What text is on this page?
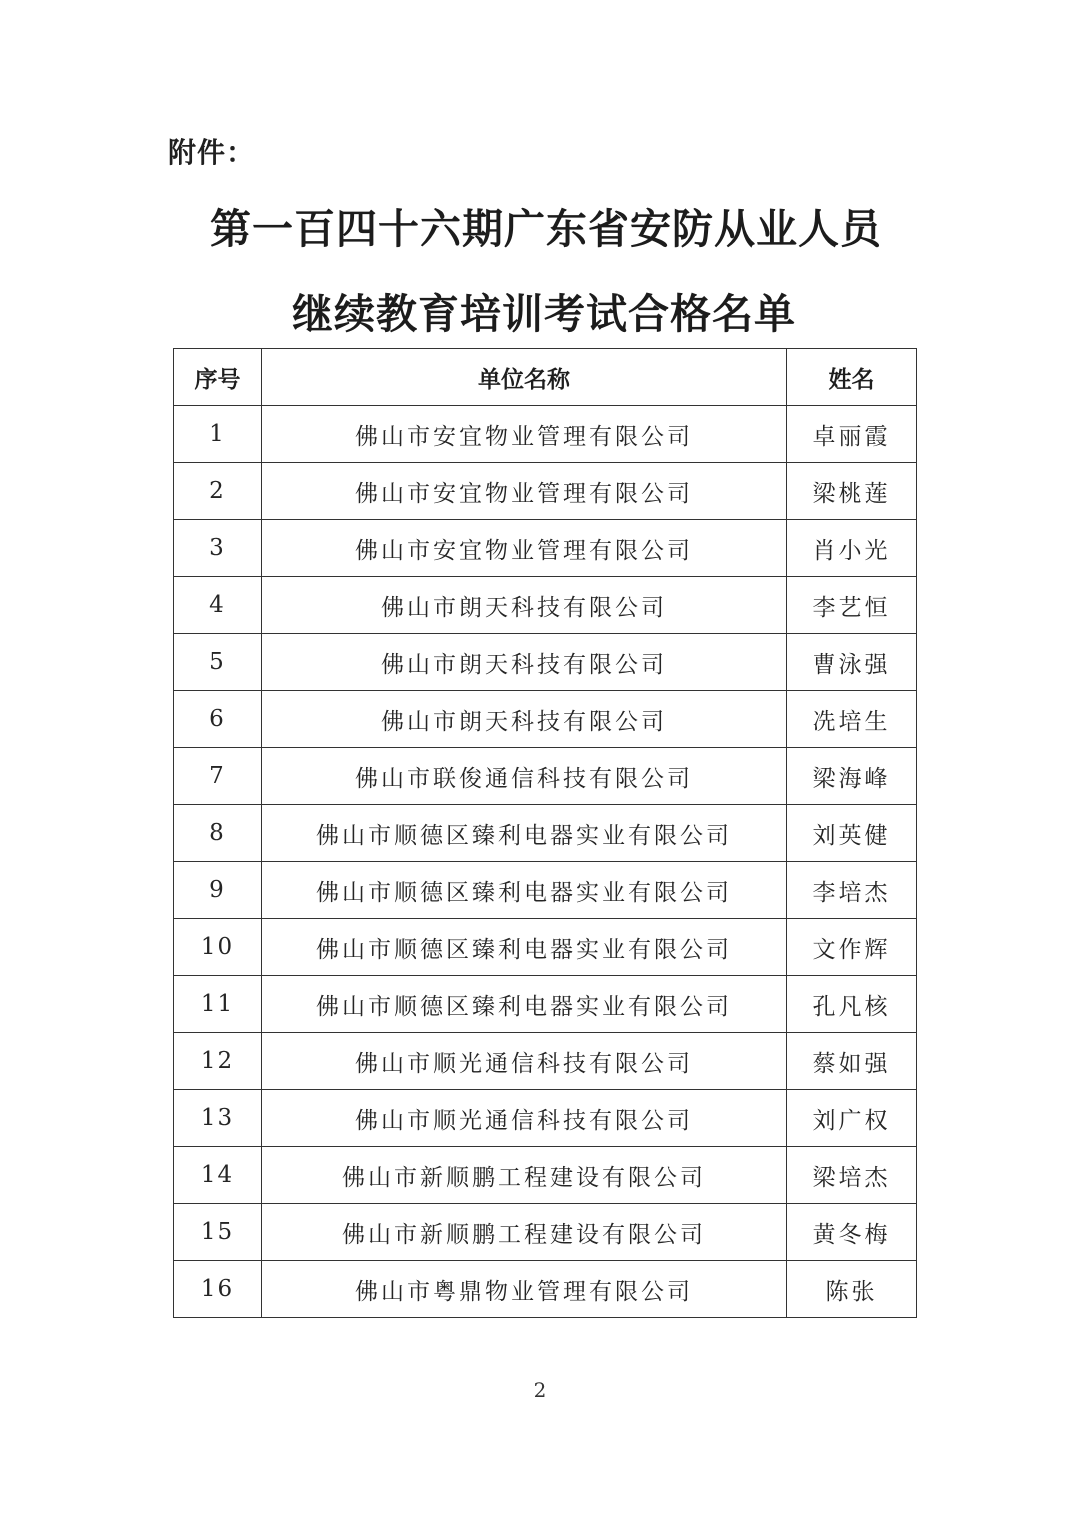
附件：
第一百四十六期广东省安防从业人员
继续教育培训考试合格名单
序号	单位名称	姓名
1	佛山市安宜物业管理有限公司	卓丽霞
2	佛山市安宜物业管理有限公司	梁桃莲
3	佛山市安宜物业管理有限公司	肖小光
4	佛山市朗天科技有限公司	李艺恒
5	佛山市朗天科技有限公司	曹泳强
6	佛山市朗天科技有限公司	冼培生
7	佛山市联俊通信科技有限公司	梁海峰
8	佛山市顺德区臻利电器实业有限公司	刘英健
9	佛山市顺德区臻利电器实业有限公司	李培杰
10	佛山市顺德区臻利电器实业有限公司	文作辉
11	佛山市顺德区臻利电器实业有限公司	孔凡核
12	佛山市顺光通信科技有限公司	蔡如强
13	佛山市顺光通信科技有限公司	刘广权
14	佛山市新顺鹏工程建设有限公司	梁培杰
15	佛山市新顺鹏工程建设有限公司	黄冬梅
16	佛山市粤鼎物业管理有限公司	陈张
2
